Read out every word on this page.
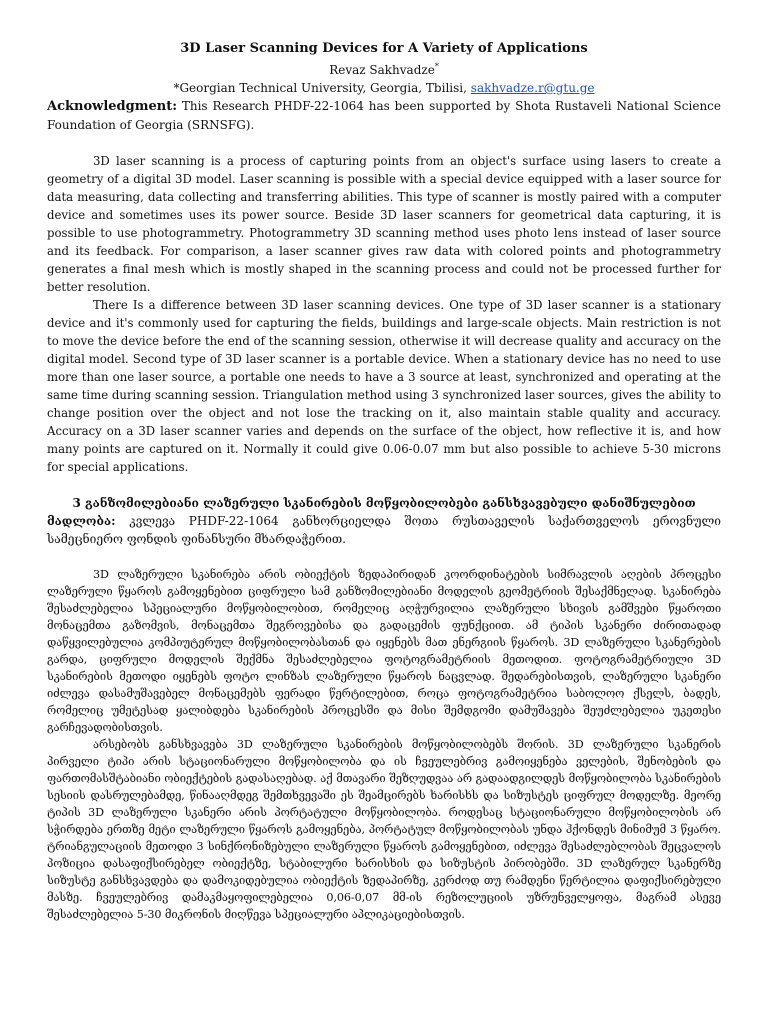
3D Laser Scanning Devices for A Variety of Applications

Revaz Sakhvadze*

*Georgian Technical University, Georgia, Tbilisi, sakhvadze.r@gtu.ge

Acknowledgment: This Research PHDF-22-1064 has been supported by Shota Rustaveli National Science Foundation of Georgia (SRNSFG).

3D laser scanning is a process of capturing points from an object's surface using lasers to create a geometry of a digital 3D model. Laser scanning is possible with a special device equipped with a laser source for data measuring, data collecting and transferring abilities. This type of scanner is mostly paired with a computer device and sometimes uses its power source. Beside 3D laser scanners for geometrical data capturing, it is possible to use photogrammetry. Photogrammetry 3D scanning method uses photo lens instead of laser source and its feedback. For comparison, a laser scanner gives raw data with colored points and photogrammetry generates a final mesh which is mostly shaped in the scanning process and could not be processed further for better resolution.

There Is a difference between 3D laser scanning devices. One type of 3D laser scanner is a stationary device and it's commonly used for capturing the fields, buildings and large-scale objects. Main restriction is not to move the device before the end of the scanning session, otherwise it will decrease quality and accuracy on the digital model. Second type of 3D laser scanner is a portable device. When a stationary device has no need to use more than one laser source, a portable one needs to have a 3 source at least, synchronized and operating at the same time during scanning session. Triangulation method using 3 synchronized laser sources, gives the ability to change position over the object and not lose the tracking on it, also maintain stable quality and accuracy. Accuracy on a 3D laser scanner varies and depends on the surface of the object, how reflective it is, and how many points are captured on it. Normally it could give 0.06-0.07 mm but also possible to achieve 5-30 microns for special applications.

3 განზომილებიანი ლაზერული სკანირების მოწყობილობები განსხვავებული დანიშნულებით
მადლობა: კვლევა PHDF-22-1064 განხორციელდა შოთა რუსთაველის საქართველოს ეროვნული სამეცნიერო ფონდის ფინანსური მხარდაჭერით.

3D ლაზერული სკანირება არის ობიექტის ზედაპირიდან კოორდინატების სიმრავლის აღების პროცესი ლაზერული წყაროს გამოყენებით ციფრული სამ განზომილებიანი მოდელის გეომეტრიის შესაქმნელად. სკანირება შესაძლებელია სპეციალური მოწყობილობით, რომელიც აღჭურვილია ლაზერული სხივის გამშვები წყაროთი მონაცემთა გაზომვის, მონაცემთა შეგროვებისა და გადაცემის ფუნქციით. ამ ტიპის სკანერი ძირითადად დაწყვილებულია კომპიუტერულ მოწყობილობასთან და იყენებს მათ ენერგიის წყაროს. 3D ლაზერული სკანერების გარდა, ციფრული მოდელის შექმნა შესაძლებელია ფოტოგრამეტრიის მეთოდით. ფოტოგრამეტრიული 3D სკანირების მეთოდი იყენებს ფოტო ლინზას ლაზერული წყაროს ნაცვლად. შედარებისთვის, ლაზერული სკანერი იძლევა დასამუშავებელ მონაცემებს ფერადი წერტილებით, როცა ფოტოგრამეტრია საბოლოო ქსელს, ბადეს, რომელიც უმეტესად ყალიბდება სკანირების პროცესში და მისი შემდგომი დამუშავება შეუძლებელია უკეთესი გარჩევადობისთვის.

არსებობს განსხვავება 3D ლაზერული სკანირების მოწყობილობებს შორის. 3D ლაზერული სკანერის პირველი ტიპი არის სტაციონარული მოწყობილობა და ის ჩვეულებრივ გამოიყენება ველების, შენობების და ფართომასშტაბიანი ობიექტების გადასაღებად. აქ მთავარი შეზღუდვაა არ გადაადგილდეს მოწყობილობა სკანირების სესიის დასრულებამდე, წინააღმდეგ შემთხვევაში ეს შეამცირებს ხარისხს და სიზუსტეს ციფრულ მოდელზე. მეორე ტიპის 3D ლაზერული სკანერი არის პორტატული მოწყობილობა. როდესაც სტაციონარული მოწყობილობის არ სჭირდება ერთზე მეტი ლაზერული წყაროს გამოყენება, პორტატულ მოწყობილობას უნდა ჰქონდეს მინიმუმ 3 წყარო. ტრიანგულაციის მეთოდი 3 სინქრონიზებული ლაზერული წყაროს გამოყენებით, იძლევა შესაძლებლობას შეცვალოს პოზიცია დასაფიქსირებელ ობიექტზე, სტაბილური ხარისხის და სიზუსტის პირობებში. 3D ლაზერულ სკანერზე სიზუსტე განსხვავდება და დამოკიდებულია ობიექტის ზედაპირზე, კერძოდ თუ რამდენი წერტილია დაფიქსირებული მასზე. ჩვეულებრივ დამაკმაყოფილებელია 0,06-0,07 მმ-ის რეზოლუციის უზრუნველყოფა, მაგრამ ასევე შესაძლებელია 5-30 მიკრონის მიღწევა სპეციალური აპლიკაციებისთვის.
